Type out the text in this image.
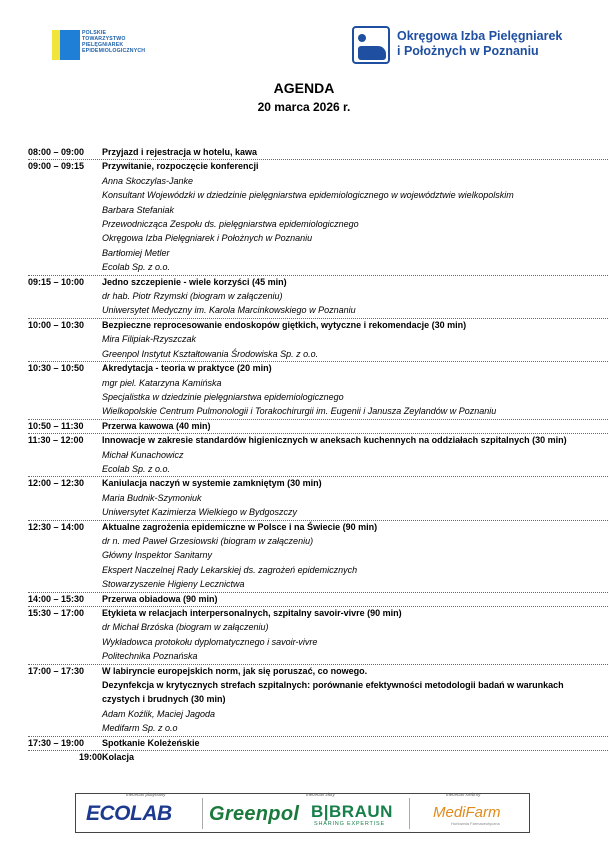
POLSKIE
TOWARZYSTWO
PIELĘGNIAREK
EPIDEMIOLOGICZNYCH
Okręgowa Izba Pielęgniarek
i Położnych w Poznaniu
AGENDA
20 marca 2026 r.
08:00 – 09:00	Przyjazd i rejestracja w hotelu, kawa
09:00 – 09:15	Przywitanie, rozpoczęcie konferencji
Anna Skoczylas-Janke
Konsultant Wojewódzki w dziedzinie pielęgniarstwa epidemiologicznego w województwie wielkopolskim
Barbara Stefaniak
Przewodnicząca Zespołu ds. pielęgniarstwa epidemiologicznego
Okręgowa Izba Pielęgniarek i Położnych w Poznaniu
Bartłomiej Metler
Ecolab Sp. z o.o.
09:15 – 10:00	Jedno szczepienie - wiele korzyści (45 min)
dr hab. Piotr Rzymski (biogram w załączeniu)
Uniwersytet Medyczny im. Karola Marcinkowskiego w Poznaniu
10:00 – 10:30	Bezpieczne reprocesowanie endoskopów giętkich, wytyczne i rekomendacje (30 min)
Mira Filipiak-Rzyszczak
Greenpol Instytut Kształtowania Środowiska Sp. z o.o.
10:30 – 10:50	Akredytacja - teoria w praktyce (20 min)
mgr piel. Katarzyna Kamińska
Specjalistka w dziedzinie pielęgniarstwa epidemiologicznego
Wielkopolskie Centrum Pulmonologii i Torakochirurgii im. Eugenii i Janusza Zeylandów w Poznaniu
10:50 – 11:30	Przerwa kawowa (40 min)
11:30 – 12:00	Innowacje w zakresie standardów higienicznych w aneksach kuchennych na oddziałach szpitalnych (30 min)
Michał Kunachowicz
Ecolab Sp. z o.o.
12:00 – 12:30	Kaniulacja naczyń w systemie zamkniętym (30 min)
Maria Budnik-Szymoniuk
Uniwersytet Kazimierza Wielkiego w Bydgoszczy
12:30 – 14:00	Aktualne zagrożenia epidemiczne w Polsce i na Świecie (90 min)
dr n. med Paweł Grzesiowski (biogram w załączeniu)
Główny Inspektor Sanitarny
Ekspert Naczelnej Rady Lekarskiej ds. zagrożeń epidemicznych
Stowarzyszenie Higieny Lecznictwa
14:00 – 15:30	Przerwa obiadowa (90 min)
15:30 – 17:00	Etykieta w relacjach interpersonalnych, szpitalny savoir-vivre (90 min)
dr Michał Brzóska (biogram w załączeniu)
Wykładowca protokołu dyplomatycznego i savoir-vivre
Politechnika Poznańska
17:00 – 17:30	W labiryncie europejskich norm, jak się poruszać, co nowego.
Dezynfekcja w krytycznych strefach szpitalnych: porównanie efektywności metodologii badań w warunkach czystych i brudnych (30 min)
Adam Koźlik, Maciej Jagoda
Medifarm Sp. z o.o
17:30 – 19:00	Spotkanie Koleżeńskie
19:00 Kolacja
mecenas platynowy	mecenas złoty	mecenas srebrny
ECOLAB Greenpol B|BRAUN
SHARING EXPERTISE
MediFarm
Hurtownia Farmaceutyczna
